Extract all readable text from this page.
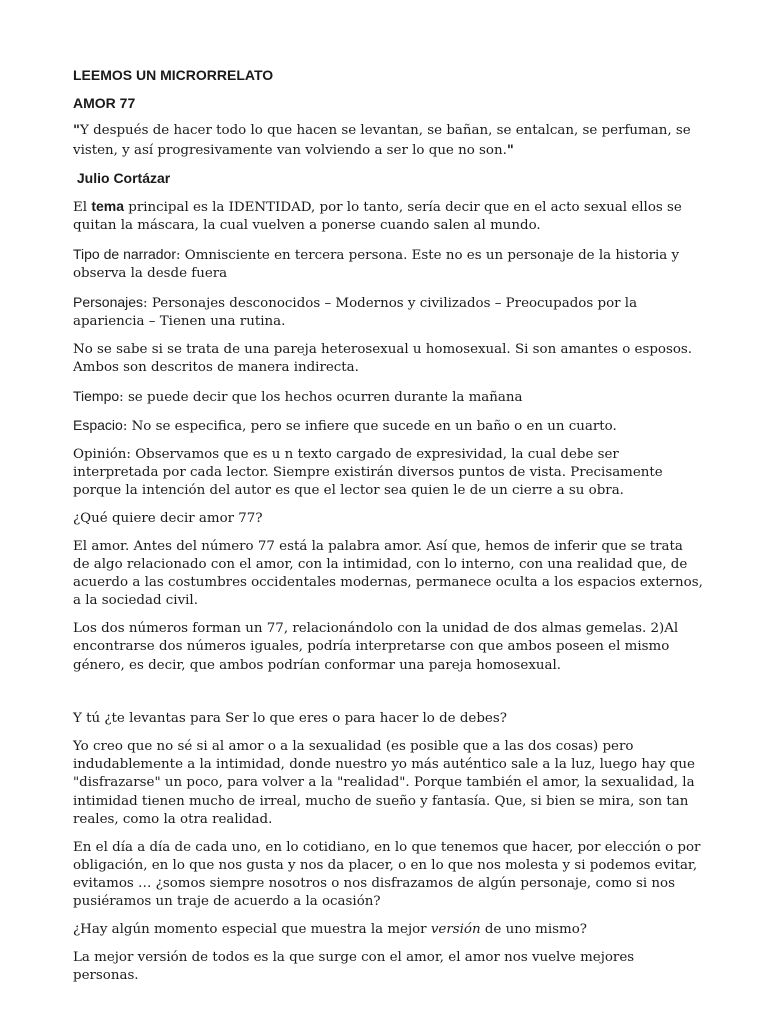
LEEMOS UN MICRORRELATO

AMOR 77

"Y después de hacer todo lo que hacen se levantan, se bañan, se entalcan, se perfuman, se visten, y así progresivamente van volviendo a ser lo que no son."

Julio Cortázar

El tema principal es la IDENTIDAD, por lo tanto, sería decir que en el acto sexual ellos se quitan la máscara, la cual vuelven a ponerse cuando salen al mundo.

Tipo de narrador: Omnisciente en tercera persona. Este no es un personaje de la historia y observa la desde fuera

Personajes: Personajes desconocidos – Modernos y civilizados – Preocupados por la apariencia – Tienen una rutina.

No se sabe si se trata de una pareja heterosexual u homosexual. Si son amantes o esposos. Ambos son descritos de manera indirecta.

Tiempo: se puede decir que los hechos ocurren durante la mañana

Espacio: No se especifica, pero se infiere que sucede en un baño o en un cuarto.

Opinión: Observamos que es u n texto cargado de expresividad, la cual debe ser interpretada por cada lector. Siempre existirán diversos puntos de vista. Precisamente porque la intención del autor es que el lector sea quien le de un cierre a su obra.

¿Qué quiere decir amor 77?

El amor. Antes del número 77 está la palabra amor. Así que, hemos de inferir que se trata de algo relacionado con el amor, con la intimidad, con lo interno, con una realidad que, de acuerdo a las costumbres occidentales modernas, permanece oculta a los espacios externos, a la sociedad civil.

Los dos números forman un 77, relacionándolo con la unidad de dos almas gemelas. 2)Al encontrarse dos números iguales, podría interpretarse con que ambos poseen el mismo género, es decir, que ambos podrían conformar una pareja homosexual.

Y tú ¿te levantas para Ser lo que eres o para hacer lo de debes?

Yo creo que no sé si al amor o a la sexualidad (es posible que a las dos cosas) pero indudablemente a la intimidad, donde nuestro yo más auténtico sale a la luz, luego hay que "disfrazarse" un poco, para volver a la "realidad". Porque también el amor, la sexualidad, la intimidad tienen mucho de irreal, mucho de sueño y fantasía. Que, si bien se mira, son tan reales, como la otra realidad.

En el día a día de cada uno, en lo cotidiano, en lo que tenemos que hacer, por elección o por obligación, en lo que nos gusta y nos da placer, o en lo que nos molesta y si podemos evitar, evitamos … ¿somos siempre nosotros o nos disfrazamos de algún personaje, como si nos pusiéramos un traje de acuerdo a la ocasión?

¿Hay algún momento especial que muestra la mejor versión de uno mismo?

La mejor versión de todos es la que surge con el amor, el amor nos vuelve mejores personas.
